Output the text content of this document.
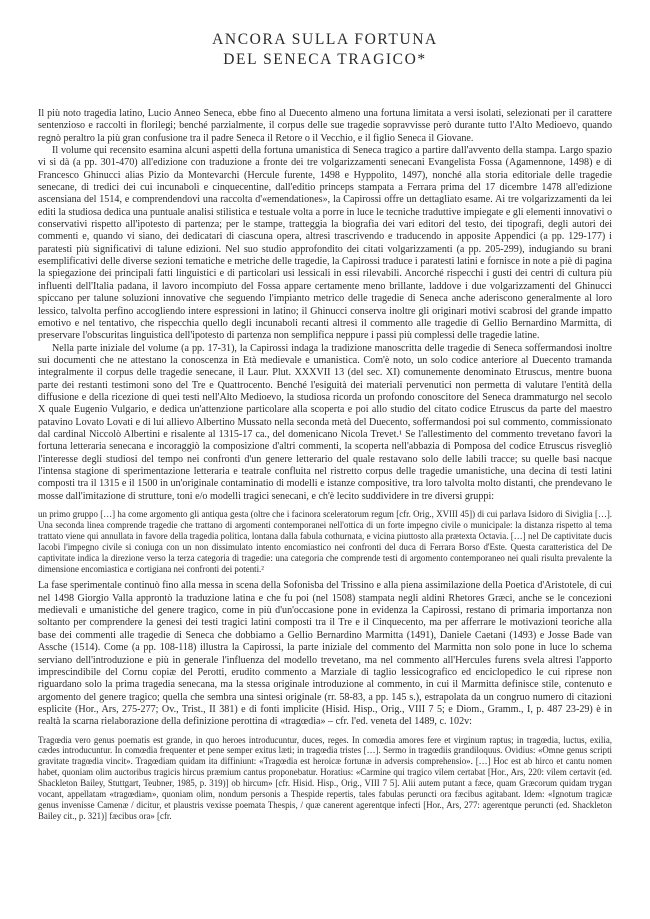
ANCORA SULLA FORTUNA
DEL SENECA TRAGICO*

Il più noto tragedia latino, Lucio Anneo Seneca, ebbe fino al Duecento almeno una fortuna limitata a versi isolati, selezionati per il carattere sentenzioso e raccolti in florilegi; benché parzialmente, il corpus delle sue tragedie sopravvisse però durante tutto l'Alto Medioevo, quando regnò peraltro la più gran confusione tra il padre Seneca il Retore o il Vecchio, e il figlio Seneca il Giovane.

Il volume qui recensito esamina alcuni aspetti della fortuna umanistica di Seneca tragico a partire dall'avvento della stampa. Largo spazio vi si dà (a pp. 301-470) all'edizione con traduzione a fronte dei tre volgarizzamenti senecani Evangelista Fossa (Agamennone, 1498) e di Francesco Ghinucci alias Pizio da Montevarchi (Hercule furente, 1498 e Hyppolito, 1497), nonché alla storia editoriale delle tragedie senecane, di tredici dei cui incunaboli e cinquecentine, dall'editio princeps stampata a Ferrara prima del 17 dicembre 1478 all'edizione ascensiana del 1514, e comprendendovi una raccolta d'«emendationes», la Capirossi offre un dettagliato esame. Ai tre volgarizzamenti da lei editi la studiosa dedica una puntuale analisi stilistica e testuale volta a porre in luce le tecniche traduttive impiegate e gli elementi innovativi o conservativi rispetto all'ipotesto di partenza; per le stampe, tratteggia la biografia dei vari editori del testo, dei tipografi, degli autori dei commenti e, quando vi siano, dei dedicatari di ciascuna opera, altresì trascrivendo e traducendo in apposite Appendici (a pp. 129-177) i paratesti più significativi di talune edizioni. Nel suo studio approfondito dei citati volgarizzamenti (a pp. 205-299), indugiando su brani esemplificativi delle diverse sezioni tematiche e metriche delle tragedie, la Capirossi traduce i paratesti latini e fornisce in note a piè di pagina la spiegazione dei principali fatti linguistici e di particolari usi lessicali in essi rilevabili. Ancorché rispecchi i gusti dei centri di cultura più influenti dell'Italia padana, il lavoro incompiuto del Fossa appare certamente meno brillante, laddove i due volgarizzamenti del Ghinucci spiccano per talune soluzioni innovative che seguendo l'impianto metrico delle tragedie di Seneca anche aderiscono generalmente al loro lessico, talvolta perfino accogliendo intere espressioni in latino; il Ghinucci conserva inoltre gli originari motivi scabrosi del grande impatto emotivo e nel tentativo, che rispecchia quello degli incunaboli recanti altresì il commento alle tragedie di Gellio Bernardino Marmitta, di preservare l'obscuritas linguistica dell'ipotesto di partenza non semplifica neppure i passi più complessi delle tragedie latine.

Nella parte iniziale del volume (a pp. 17-31), la Capirossi indaga la tradizione manoscritta delle tragedie di Seneca soffermandosi inoltre sui documenti che ne attestano la conoscenza in Età medievale e umanistica. Com'è noto, un solo codice anteriore al Duecento tramanda integralmente il corpus delle tragedie senecane, il Laur. Plut. XXXVII 13 (del sec. XI) comunemente denominato Etruscus, mentre buona parte dei restanti testimoni sono del Tre e Quattrocento. Benché l'esiguità dei materiali pervenutici non permetta di valutare l'entità della diffusione e della ricezione di quei testi nell'Alto Medioevo, la studiosa ricorda un profondo conoscitore del Seneca drammaturgo nel secolo X quale Eugenio Vulgario, e dedica un'attenzione particolare alla scoperta e poi allo studio del citato codice Etruscus da parte del maestro patavino Lovato Lovati e di lui allievo Albertino Mussato nella seconda metà del Duecento, soffermandosi poi sul commento, commissionato dal cardinal Niccolò Albertini e risalente al 1315-17 ca., del domenicano Nicola Trevet.¹ Se l'allestimento del commento trevetano favorì la fortuna letteraria senecana e incoraggiò la composizione d'altri commenti, la scoperta nell'abbazia di Pomposa del codice Etruscus risvegliò l'interesse degli studiosi del tempo nei confronti d'un genere letterario del quale restavano solo delle labili tracce; su quelle basi nacque l'intensa stagione di sperimentazione letteraria e teatrale confluita nel ristretto corpus delle tragedie umanistiche, una decina di testi latini composti tra il 1315 e il 1500 in un'originale contaminatio di modelli e istanze compositive, tra loro talvolta molto distanti, che prendevano le mosse dall'imitazione di strutture, toni e/o modelli tragici senecani, e ch'è lecito suddividere in tre diversi gruppi:

un primo gruppo […] ha come argomento gli antiqua gesta (oltre che i facinora sceleratorum regum [cfr. Orig., XVIII 45]) di cui parlava Isidoro di Siviglia […]. Una seconda linea comprende tragedie che trattano di argomenti contemporanei nell'ottica di un forte impegno civile o municipale: la distanza rispetto al tema trattato viene qui annullata in favore della tragedia politica, lontana dalla fabula cothurnata, e vicina piuttosto alla prætexta Octavia. […] nel De captivitate ducis Iacobi l'impegno civile si coniuga con un non dissimulato intento encomiastico nei confronti del duca di Ferrara Borso d'Este. Questa caratteristica del De captivitate indica la direzione verso la terza categoria di tragedie: una categoria che comprende testi di argomento contemporaneo nei quali risulta prevalente la dimensione encomiastica e cortigiana nei confronti dei potenti.²

La fase sperimentale continuò fino alla messa in scena della Sofonisba del Trissino e alla piena assimilazione della Poetica d'Aristotele, di cui nel 1498 Giorgio Valla approntò la traduzione latina e che fu poi (nel 1508) stampata negli aldini Rhetores Græci, anche se le concezioni medievali e umanistiche del genere tragico, come in più d'un'occasione pone in evidenza la Capirossi, restano di primaria importanza non soltanto per comprendere la genesi dei testi tragici latini composti tra il Tre e il Cinquecento, ma per afferrare le motivazioni teoriche alla base dei commenti alle tragedie di Seneca che dobbiamo a Gellio Bernardino Marmitta (1491), Daniele Caetani (1493) e Josse Bade van Assche (1514). Come (a pp. 108-118) illustra la Capirossi, la parte iniziale del commento del Marmitta non solo pone in luce lo schema serviano dell'introduzione e più in generale l'influenza del modello trevetano, ma nel commento all'Hercules furens svela altresì l'apporto imprescindibile del Cornu copiæ del Perotti, erudito commento a Marziale di taglio lessicografico ed enciclopedico le cui riprese non riguardano solo la prima tragedia senecana, ma la stessa originale introduzione al commento, in cui il Marmitta definisce stile, contenuto e argomento del genere tragico; quella che sembra una sintesi originale (rr. 58-83, a pp. 145 s.), estrapolata da un congruo numero di citazioni esplicite (Hor., Ars, 275-277; Ov., Trist., II 381) e di fonti implicite (Hisid. Hisp., Orig., VIII 7 5; e Diom., Gramm., I, p. 487 23-29) è in realtà la scarna rielaborazione della definizione perottina di «tragœdia» – cfr. l'ed. veneta del 1489, c. 102v:

Tragœdia vero genus poematis est grande, in quo heroes introducuntur, duces, reges. In comœdia amores fere et virginum raptus; in tragœdia, luctus, exilia, cædes introducuntur. In comœdia frequenter et pene semper exitus læti; in tragœdia tristes […]. Sermo in tragœdiis grandiloquus. Ovidius: «Omne genus scripti gravitate tragœdia vincit». Tragœdiam quidam ita diffiniunt: «Tragœdia est heroicæ fortunæ in adversis comprehensio». […] Hoc est ab hirco et cantu nomen habet, quoniam olim auctoribus tragicis hircus præmium cantus proponebatur. Horatius: «Carmine qui tragico vilem certabat [Hor., Ars, 220: vilem certavit (ed. Shackleton Bailey, Stuttgart, Teubner, 1985, p. 319)] ob hircum» [cfr. Hisid. Hisp., Orig., VIII 7 5]. Alii autem putant a fæce, quam Græcorum quidam trygan vocant, appellatam «tragœdiam», quoniam olim, nondum personis a Thespide repertis, tales fabulas peruncti ora fæcibus agitabant. Idem: «Ignotum tragicæ genus invenisse Camenæ / dicitur, et plaustris vexisse poemata Thespis, / quæ canerent agerentque infecti [Hor., Ars, 277: agerentque peruncti (ed. Shackleton Bailey cit., p. 321)] fæcibus ora» [cfr.
